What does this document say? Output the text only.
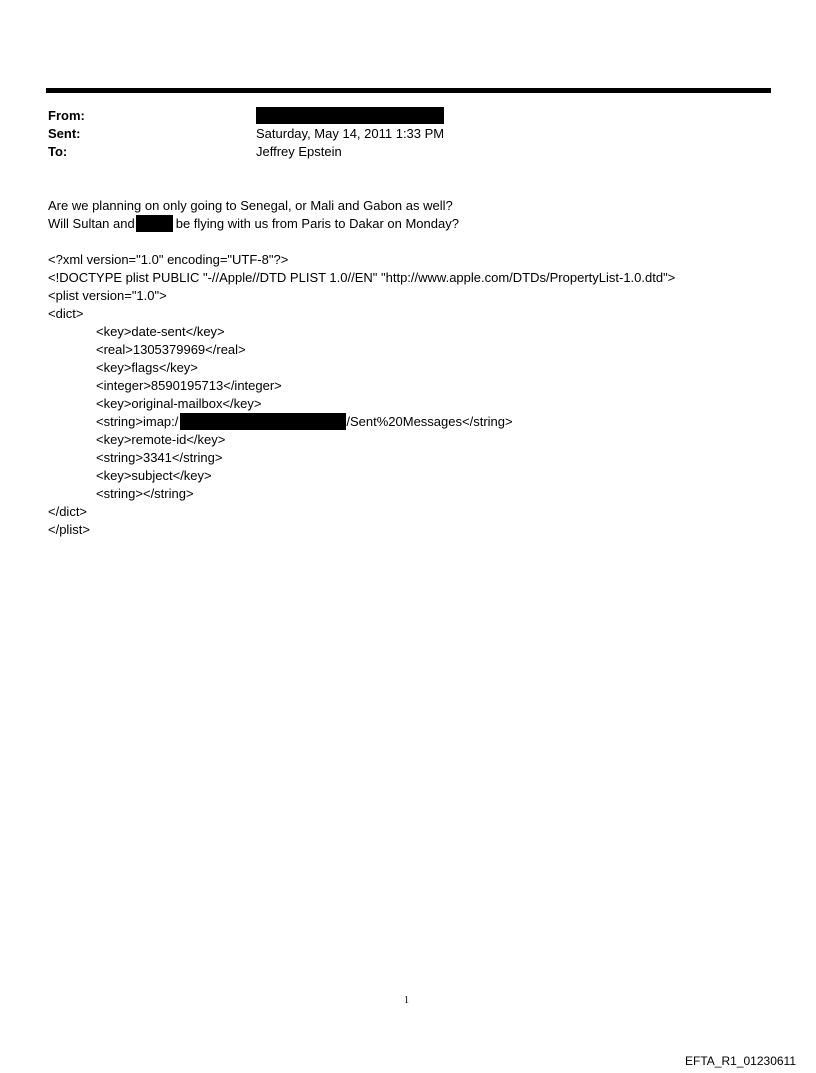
From:
Sent:	Saturday, May 14, 2011 1:33 PM
To:	Jeffrey Epstein
Are we planning on only going to Senegal, or Mali and Gabon as well?
Will Sultan and	be flying with us from Paris to Dakar on Monday?
<?xml version="1.0" encoding="UTF-8"?>
<!DOCTYPE plist PUBLIC "-//Apple//DTD PLIST 1.0//EN" "http://www.apple.com/DTDs/PropertyList-1.0.dtd">
<plist version="1.0">
<dict>
<key>date-sent</key>
<real>1305379969</real>
<key>flags</key>
<integer>8590195713</integer>
<key>original-mailbox</key>
<string>imap:/	/Sent%20Messages</string>
<key>remote-id</key>
<string>3341</string>
<key>subject</key>
<string></string>
</dict>
</plist>
1
EFTA_R1_01230611
